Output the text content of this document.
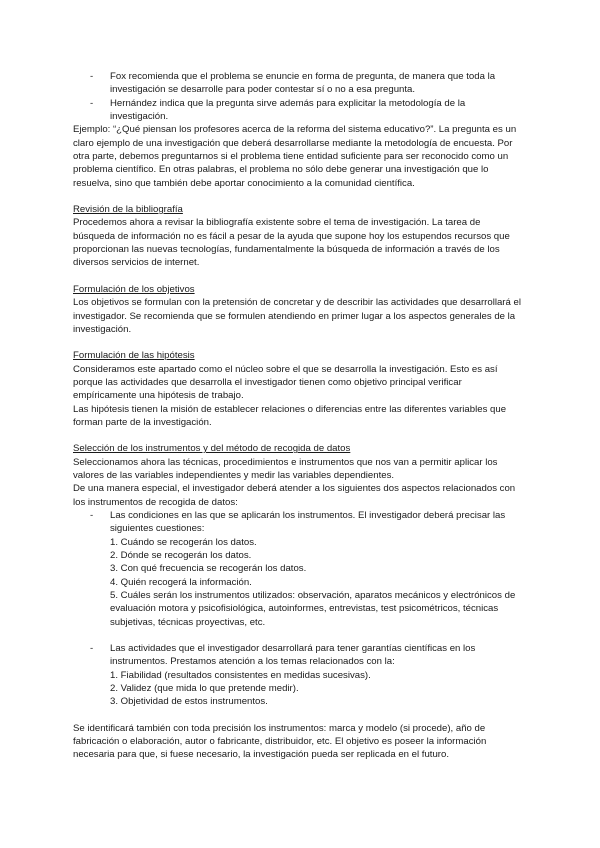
-	Fox recomienda que el problema se enuncie en forma de pregunta, de manera que toda la investigación se desarrolle para poder contestar sí o no a esa pregunta.
-	Hernández indica que la pregunta sirve además para explicitar la metodología de la investigación.

Ejemplo: “¿Qué piensan los profesores acerca de la reforma del sistema educativo?”. La pregunta es un claro ejemplo de una investigación que deberá desarrollarse mediante la metodología de encuesta. Por otra parte, debemos preguntarnos si el problema tiene entidad suficiente para ser reconocido como un problema científico. En otras palabras, el problema no sólo debe generar una investigación que lo resuelva, sino que también debe aportar conocimiento a la comunidad científica.

Revisión de la bibliografía

Procedemos ahora a revisar la bibliografía existente sobre el tema de investigación. La tarea de búsqueda de información no es fácil a pesar de la ayuda que supone hoy los estupendos recursos que proporcionan las nuevas tecnologías, fundamentalmente la búsqueda de información a través de los diversos servicios de internet.

Formulación de los objetivos

Los objetivos se formulan con la pretensión de concretar y de describir las actividades que desarrollará el investigador. Se recomienda que se formulen atendiendo en primer lugar a los aspectos generales de la investigación.

Formulación de las hipótesis

Consideramos este apartado como el núcleo sobre el que se desarrolla la investigación. Esto es así porque las actividades que desarrolla el investigador tienen como objetivo principal verificar empíricamente una hipótesis de trabajo.

Las hipótesis tienen la misión de establecer relaciones o diferencias entre las diferentes variables que forman parte de la investigación.

Selección de los instrumentos y del método de recogida de datos

Seleccionamos ahora las técnicas, procedimientos e instrumentos que nos van a permitir aplicar los valores de las variables independientes y medir las variables dependientes.

De una manera especial, el investigador deberá atender a los siguientes dos aspectos relacionados con los instrumentos de recogida de datos:

-	Las condiciones en las que se aplicarán los instrumentos. El investigador deberá precisar las siguientes cuestiones:

1. Cuándo se recogerán los datos.

2. Dónde se recogerán los datos.

3. Con qué frecuencia se recogerán los datos.

4. Quién recogerá la información.

5. Cuáles serán los instrumentos utilizados: observación, aparatos mecánicos y electrónicos de evaluación motora y psicofisiológica, autoinformes, entrevistas, test psicométricos, técnicas subjetivas, técnicas proyectivas, etc.

-	Las actividades que el investigador desarrollará para tener garantías científicas en los instrumentos. Prestamos atención a los temas relacionados con la:

1. Fiabilidad (resultados consistentes en medidas sucesivas).

2. Validez (que mida lo que pretende medir).

3. Objetividad de estos instrumentos.

Se identificará también con toda precisión los instrumentos: marca y modelo (si procede), año de fabricación o elaboración, autor o fabricante, distribuidor, etc. El objetivo es poseer la información necesaria para que, si fuese necesario, la investigación pueda ser replicada en el futuro.
